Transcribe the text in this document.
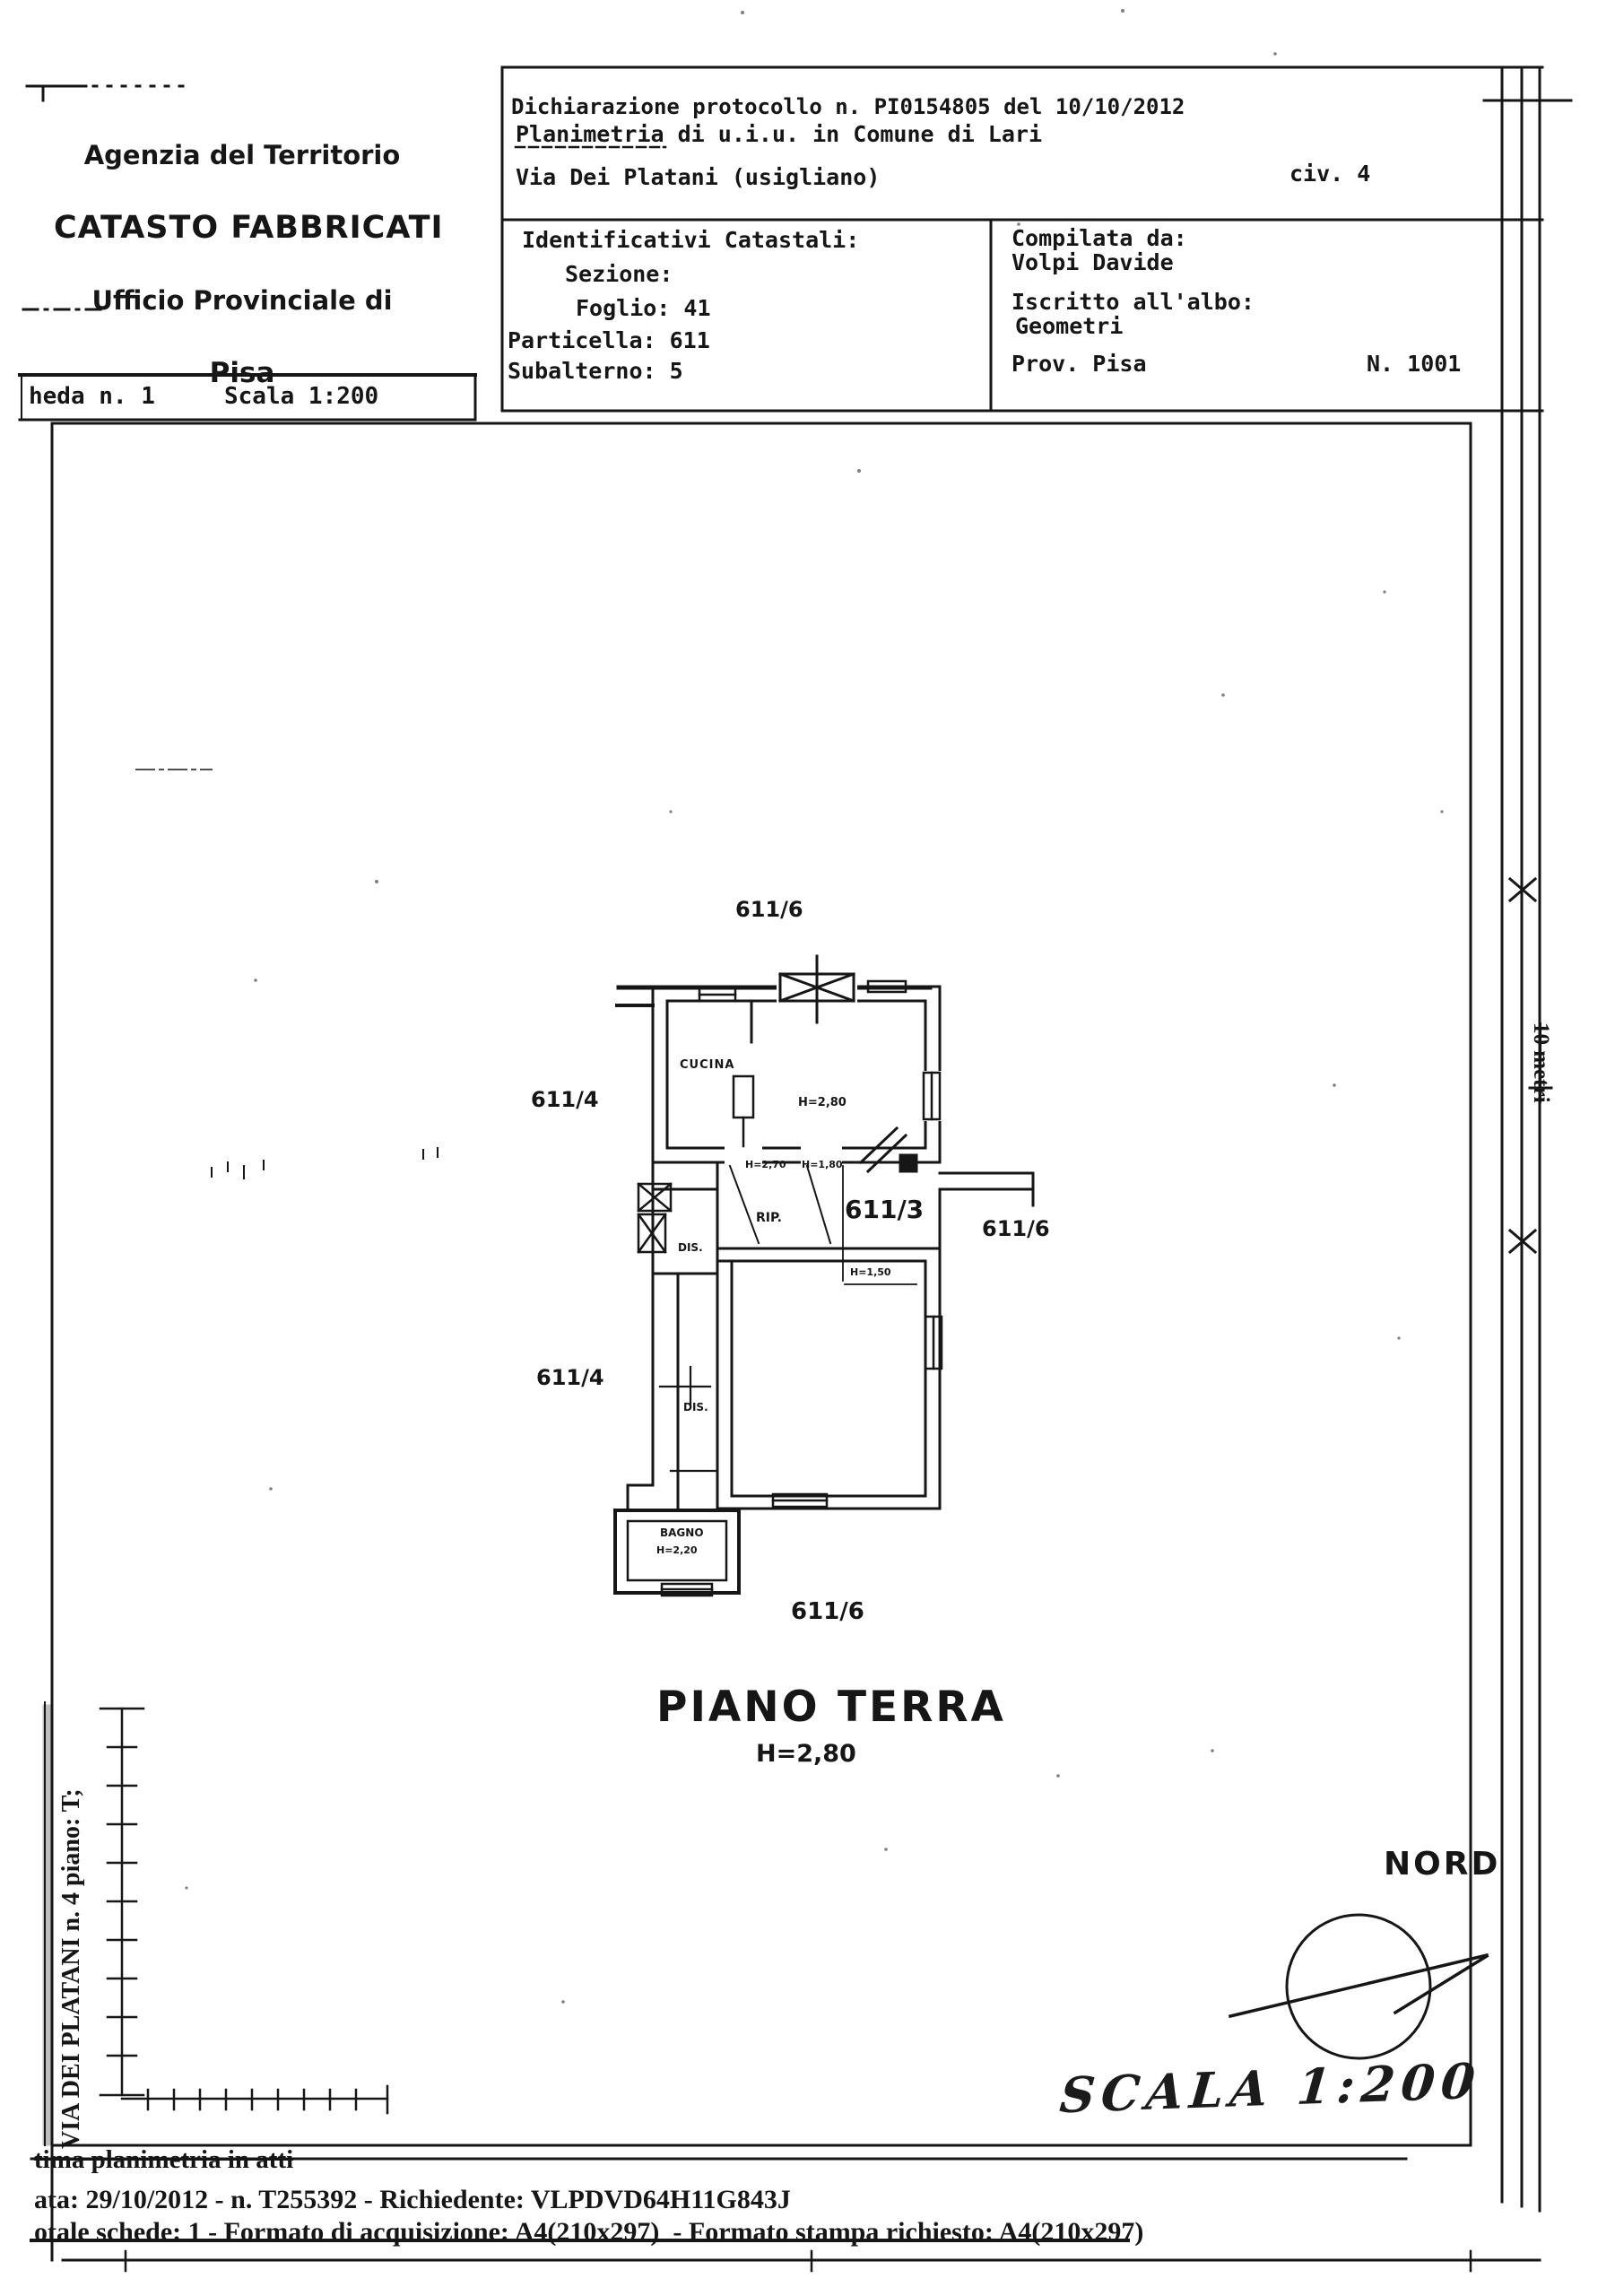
Agenzia del Territorio

CATASTO FABBRICATI

Ufficio Provinciale di

Pisa

Dichiarazione protocollo n. PI0154805 del 10/10/2012

Planimetria di u.i.u. in Comune di Lari
Via Dei Platani (usigliano)	civ. 4
Identificativi Catastali:
Sezione:
Foglio: 41
Particella: 611
Subalterno: 5
Compilata da:
Volpi Davide
Iscritto all'albo:
Geometri
Prov. Pisa	N. 1001
heda n. 1	Scala 1:200
611/6
611/4
611/3
611/6
611/4
611/6
CUCINA
H=2,80
H=2,70 H=1,80
RIP.
DIS.
H=1,50
DIS.
BAGNO
H=2,20
PIANO TERRA
H=2,80
NORD
VIA DEI PLATANI n. 4 piano: T;
10 metri
SCALA 1:200
tima planimetria in atti
ata: 29/10/2012 - n. T255392 - Richiedente: VLPDVD64H11G843J
otale schede: 1 - Formato di acquisizione: A4(210x297)  - Formato stampa richiesto: A4(210x297)
